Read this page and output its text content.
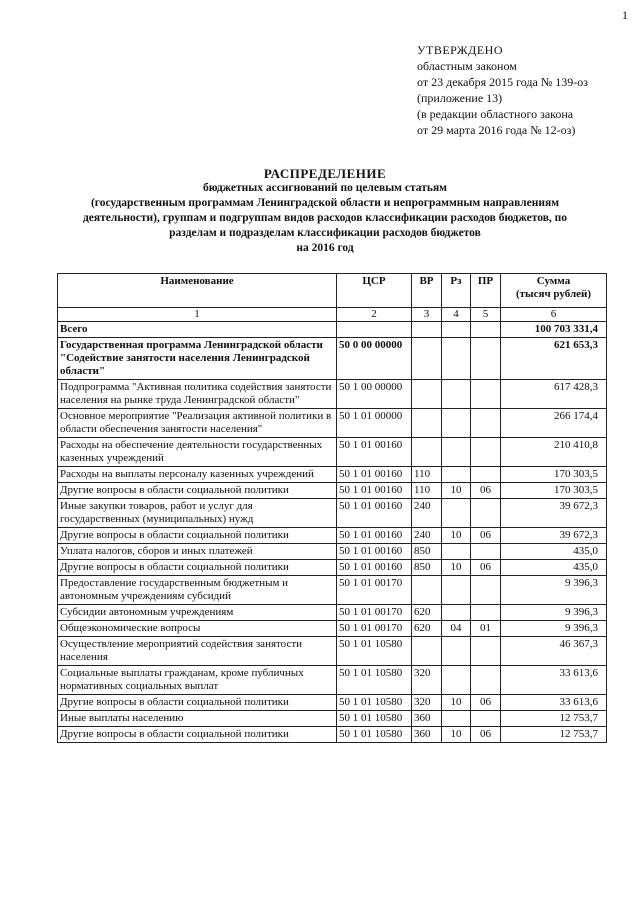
1
УТВЕРЖДЕНО
областным законом
от 23 декабря 2015 года № 139-оз
(приложение 13)
(в редакции областного закона
от 29 марта 2016 года № 12-оз)
РАСПРЕДЕЛЕНИЕ
бюджетных ассигнований по целевым статьям
(государственным программам Ленинградской области и непрограммным направлениям
деятельности), группам и подгруппам видов расходов классификации расходов бюджетов, по
разделам и подразделам классификации расходов бюджетов
на 2016 год
Наименование	ЦСР	ВР	Рз	ПР	Сумма
(тысяч рублей)

1	2	3	4	5	6
Всего					100 703 331,4
Государственная программа Ленинградской области "Содействие занятости населения Ленинградской области"	50 0 00 00000				621 653,3
Подпрограмма "Активная политика содействия занятости населения на рынке труда Ленинградской области"	50 1 00 00000				617 428,3
Основное мероприятие "Реализация активной политики в области обеспечения занятости населения"	50 1 01 00000				266 174,4
Расходы на обеспечение деятельности государственных казенных учреждений	50 1 01 00160				210 410,8
Расходы на выплаты персоналу казенных учреждений	50 1 01 00160	110			170 303,5
Другие вопросы в области социальной политики	50 1 01 00160	110	10	06	170 303,5
Иные закупки товаров, работ и услуг для государственных (муниципальных) нужд	50 1 01 00160	240			39 672,3
Другие вопросы в области социальной политики	50 1 01 00160	240	10	06	39 672,3
Уплата налогов, сборов и иных платежей	50 1 01 00160	850			435,0
Другие вопросы в области социальной политики	50 1 01 00160	850	10	06	435,0
Предоставление государственным бюджетным и автономным учреждениям субсидий	50 1 01 00170				9 396,3
Субсидии автономным учреждениям	50 1 01 00170	620			9 396,3
Общеэкономические вопросы	50 1 01 00170	620	04	01	9 396,3
Осуществление мероприятий содействия занятости населения	50 1 01 10580				46 367,3
Социальные выплаты гражданам, кроме публичных нормативных социальных выплат	50 1 01 10580	320			33 613,6
Другие вопросы в области социальной политики	50 1 01 10580	320	10	06	33 613,6
Иные выплаты населению	50 1 01 10580	360			12 753,7
Другие вопросы в области социальной политики	50 1 01 10580	360	10	06	12 753,7
